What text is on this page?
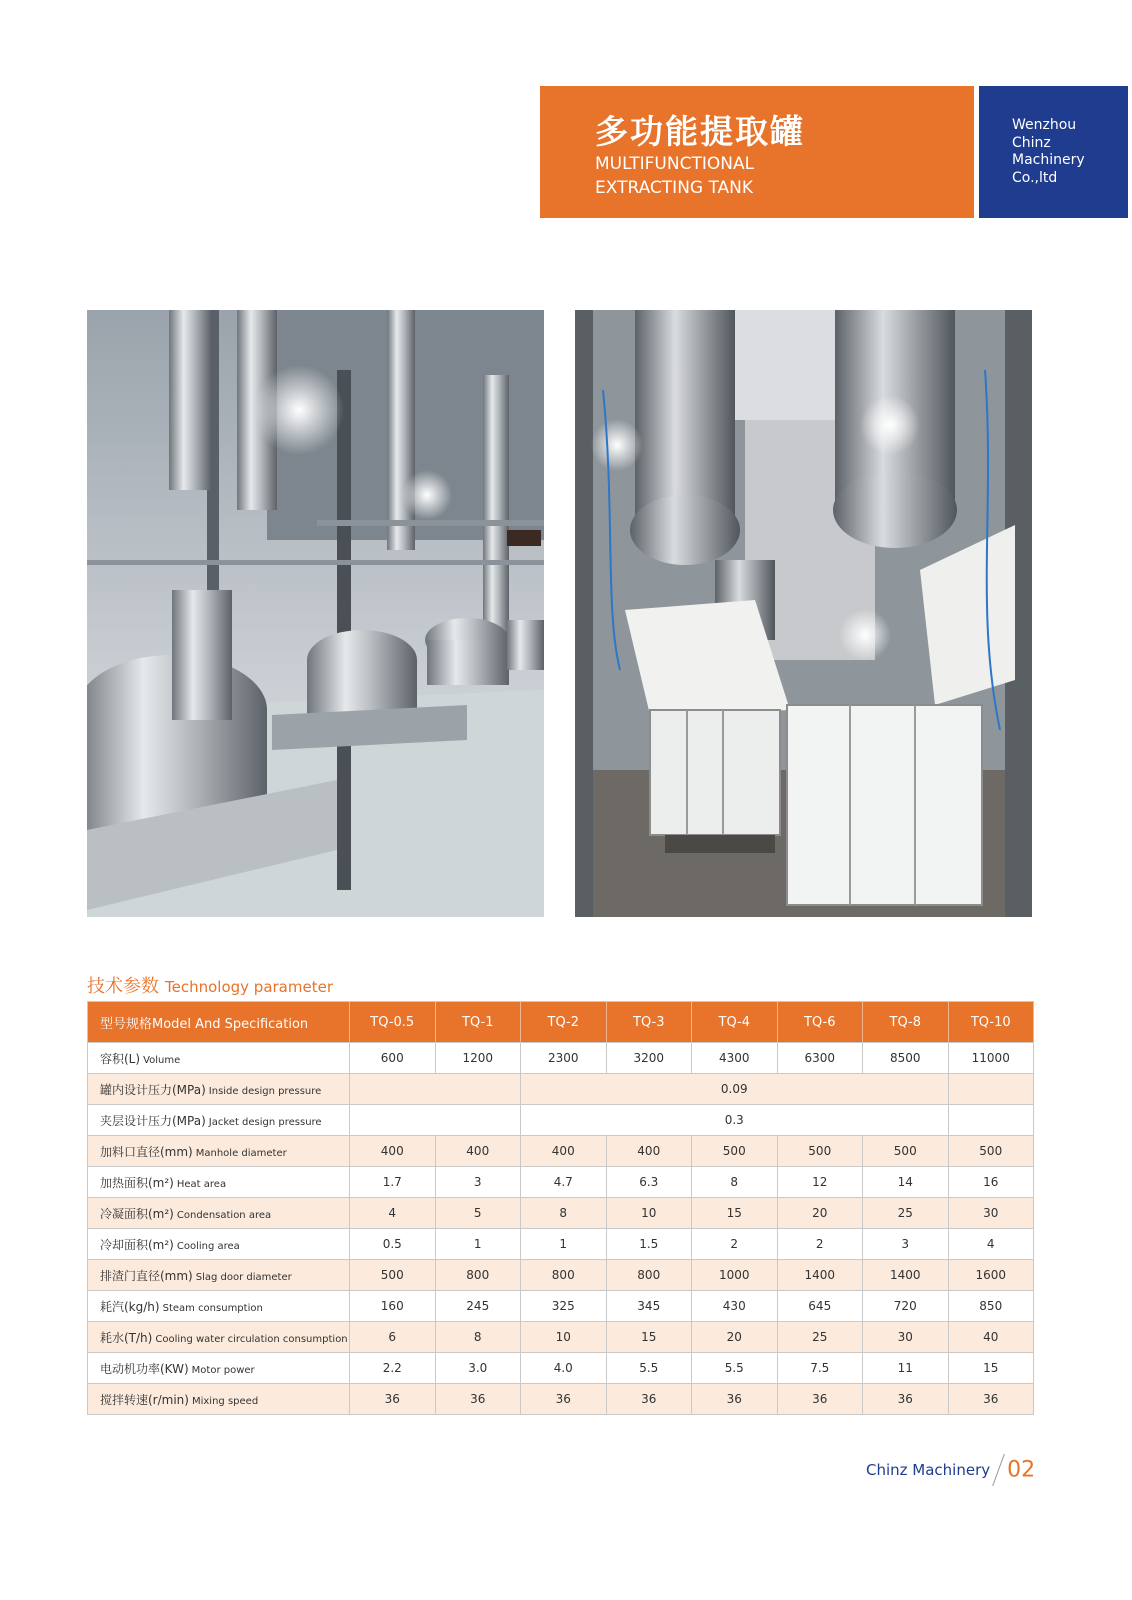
多功能提取罐
MULTIFUNCTIONAL
EXTRACTING TANK
Wenzhou
Chinz
Machinery
Co.,ltd
技术参数 Technology parameter
型号规格Model And Specification	TQ-0.5	TQ-1	TQ-2	TQ-3	TQ-4	TQ-6	TQ-8	TQ-10
容积(L) Volume	600	1200	2300	3200	4300	6300	8500	11000
罐内设计压力(MPa) Inside design pressure			0.09					
夹层设计压力(MPa) Jacket design pressure			0.3					
加料口直径(mm) Manhole diameter	400	400	400	400	500	500	500	500
加热面积(m²) Heat area	1.7	3	4.7	6.3	8	12	14	16
冷凝面积(m²) Condensation area	4	5	8	10	15	20	25	30
冷却面积(m²) Cooling area	0.5	1	1	1.5	2	2	3	4
排渣门直径(mm) Slag door diameter	500	800	800	800	1000	1400	1400	1600
耗汽(kg/h) Steam consumption	160	245	325	345	430	645	720	850
耗水(T/h) Cooling water circulation consumption	6	8	10	15	20	25	30	40
电动机功率(KW) Motor power	2.2	3.0	4.0	5.5	5.5	7.5	11	15
搅拌转速(r/min) Mixing speed	36	36	36	36	36	36	36	36
Chinz Machinery 02
